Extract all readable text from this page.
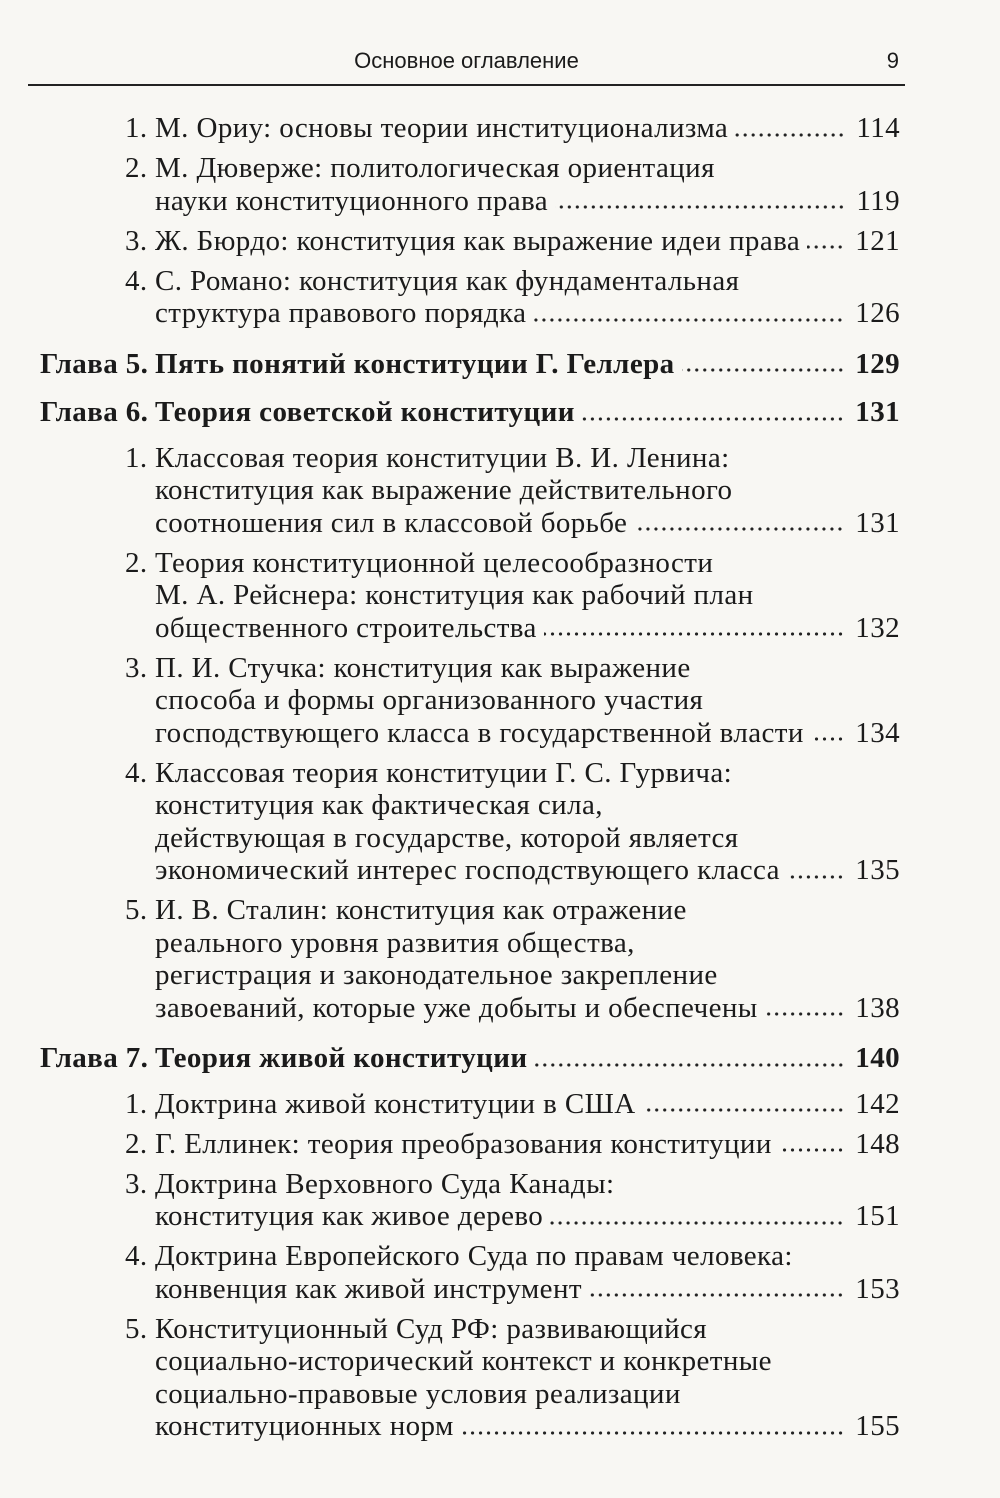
Основное оглавление	9
1. М. Ориу: основы теории институционализма	114
2. М. Дюверже: политологическая ориентация
науки конституционного права	119
3. Ж. Бюрдо: конституция как выражение идеи права 121
4. С. Романо: конституция как фундаментальная
структура правового порядка	126
Глава 5. Пять понятий конституции Г. Геллера	129
Глава 6. Теория советской конституции	131
1. Классовая теория конституции В. И. Ленина:
конституция как выражение действительного
соотношения сил в классовой борьбе	131
2. Теория конституционной целесообразности
М. А. Рейснера: конституция как рабочий план
общественного строительства	132
3. П. И. Стучка: конституция как выражение
способа и формы организованного участия
господствующего класса в государственной власти 134
4. Классовая теория конституции Г. С. Гурвича:
конституция как фактическая сила,
действующая в государстве, которой является
экономический интерес господствующего класса	135
5. И. В. Сталин: конституция как отражение
реального уровня развития общества,
регистрация и законодательное закрепление
завоеваний, которые уже добыты и обеспечены	138
Глава 7. Теория живой конституции	140
1. Доктрина живой конституции в США	142
2. Г. Еллинек: теория преобразования конституции	148
3. Доктрина Верховного Суда Канады:
конституция как живое дерево	151
4. Доктрина Европейского Суда по правам человека:
конвенция как живой инструмент	153
5. Конституционный Суд РФ: развивающийся
социально-исторический контекст и конкретные
социально-правовые условия реализации
конституционных норм	155
